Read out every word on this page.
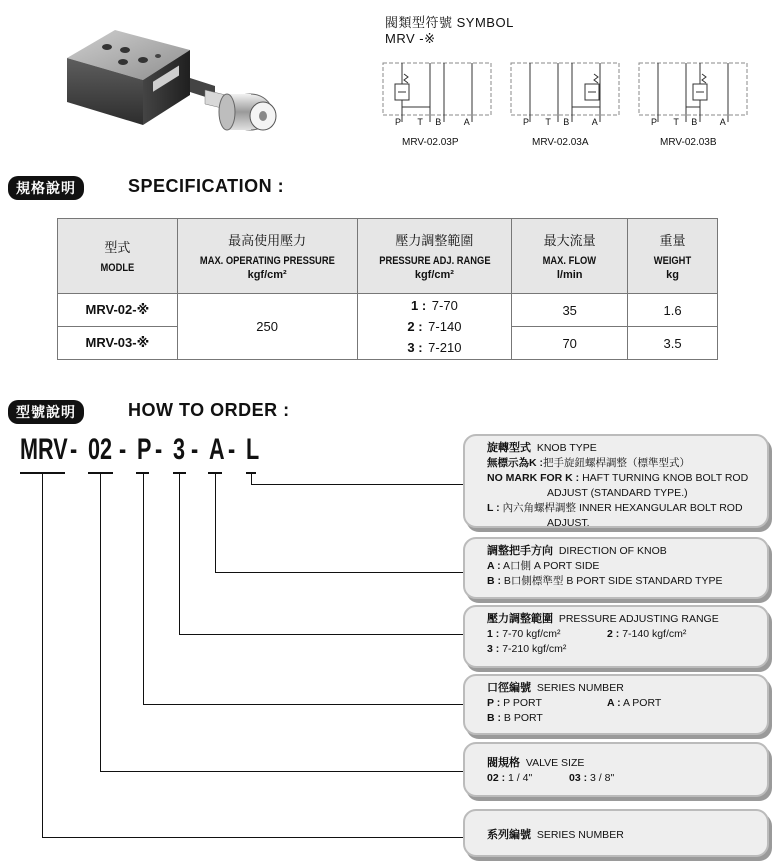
閥類型符號 SYMBOL
MRV -※
P T B	A	P T B	A	P T B	A
MRV-02.03P	MRV-02.03A	MRV-02.03B
規格說明	SPECIFICATION :
型式
MODLE	最高使用壓力
MAX. OPERATING PRESSURE
kgf/cm²	壓力調整範圍
PRESSURE ADJ. RANGE
kgf/cm²	最大流量
MAX. FLOW
l/min	重量
WEIGHT
kg

MRV-02-※	250	1 : 7-70
2 : 7-140
3 : 7-210	35	1.6
MRV-03-※			70	3.5
型號說明	HOW TO ORDER :
MRV - 02 - P - 3 - A - L	旋轉型式 KNOB TYPE
無標示為K :把手旋鈕螺桿調整（標準型式）
NO MARK FOR K : HAFT TURNING KNOB BOLT ROD
ADJUST (STANDARD TYPE.)
L : 內六角螺桿調整 INNER HEXANGULAR BOLT ROD
ADJUST.
調整把手方向 DIRECTION OF KNOB
A : A口側 A PORT SIDE
B : B口側標準型 B PORT SIDE STANDARD TYPE
壓力調整範圍 PRESSURE ADJUSTING RANGE
1 : 7-70 kgf/cm²	2 : 7-140 kgf/cm²
3 : 7-210 kgf/cm²
口徑編號 SERIES NUMBER
P : P PORT	A : A PORT
B : B PORT
閥規格 VALVE SIZE
02 : 1 / 4"	03 : 3 / 8"
系列編號 SERIES NUMBER
